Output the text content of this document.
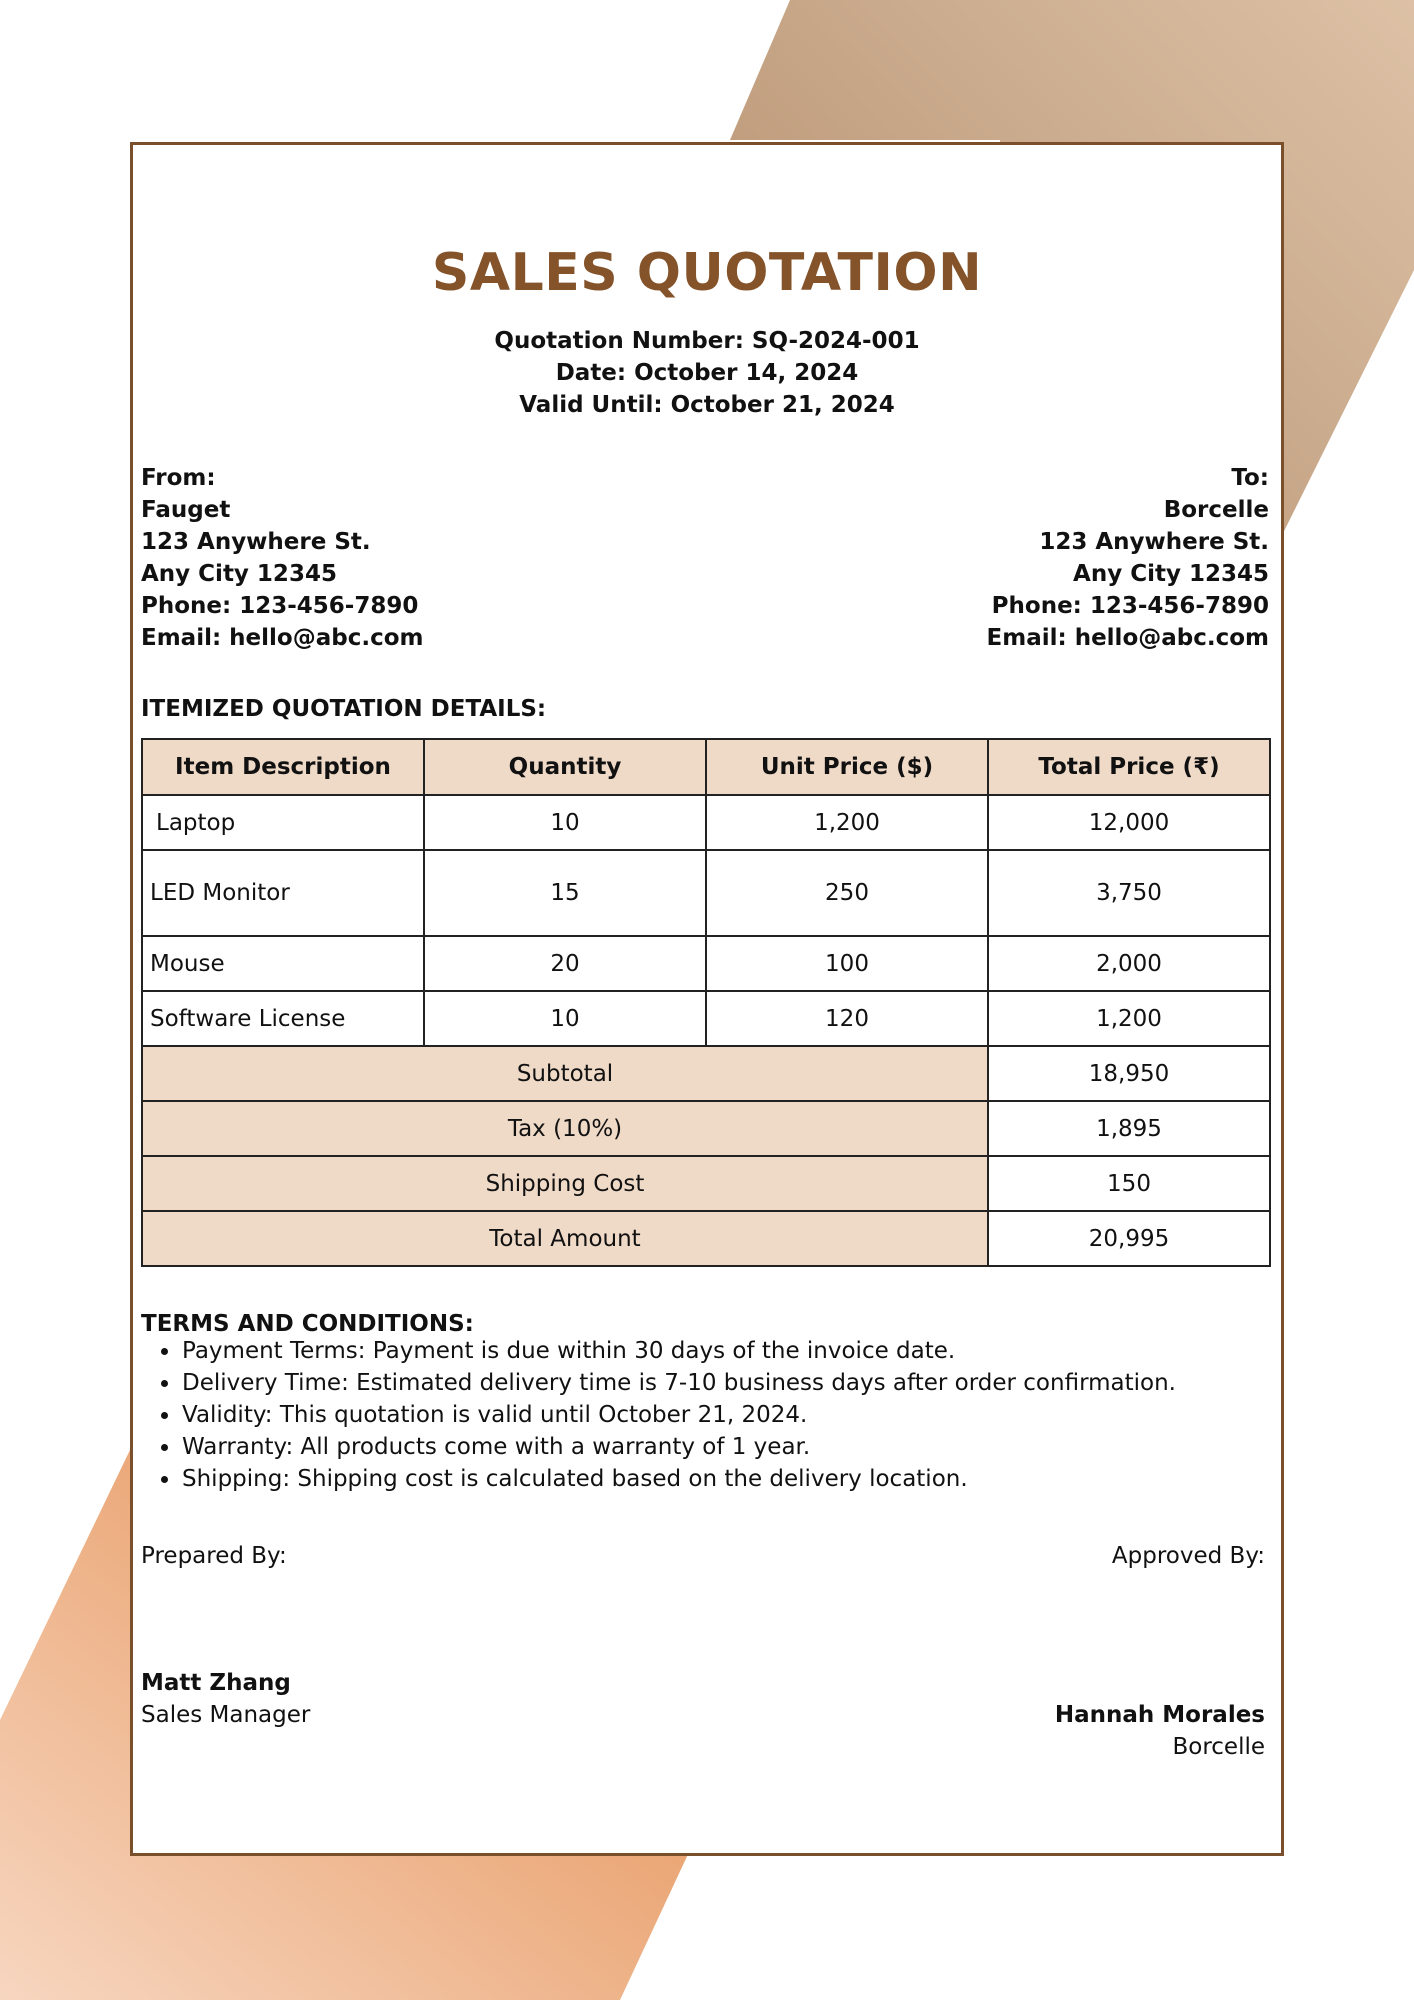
SALES QUOTATION
Quotation Number: SQ-2024-001
Date: October 14, 2024
Valid Until: October 21, 2024
From:
Fauget
123 Anywhere St.
Any City 12345
Phone: 123-456-7890
Email: hello@abc.com
To:
Borcelle
123 Anywhere St.
Any City 12345
Phone: 123-456-7890
Email: hello@abc.com
ITEMIZED QUOTATION DETAILS:
Item Description	Quantity	Unit Price ($)	Total Price (₹)
Laptop	10	1,200	12,000
LED Monitor	15	250	3,750
Mouse	20	100	2,000
Software License	10	120	1,200
Subtotal			18,950
Tax (10%)			1,895
Shipping Cost			150
Total Amount			20,995
TERMS AND CONDITIONS:
• Payment Terms: Payment is due within 30 days of the invoice date.
• Delivery Time: Estimated delivery time is 7-10 business days after order confirmation.
• Validity: This quotation is valid until October 21, 2024.
• Warranty: All products come with a warranty of 1 year.
• Shipping: Shipping cost is calculated based on the delivery location.
Prepared By:	Approved By:
Matt Zhang
Sales Manager	Hannah Morales
Borcelle
